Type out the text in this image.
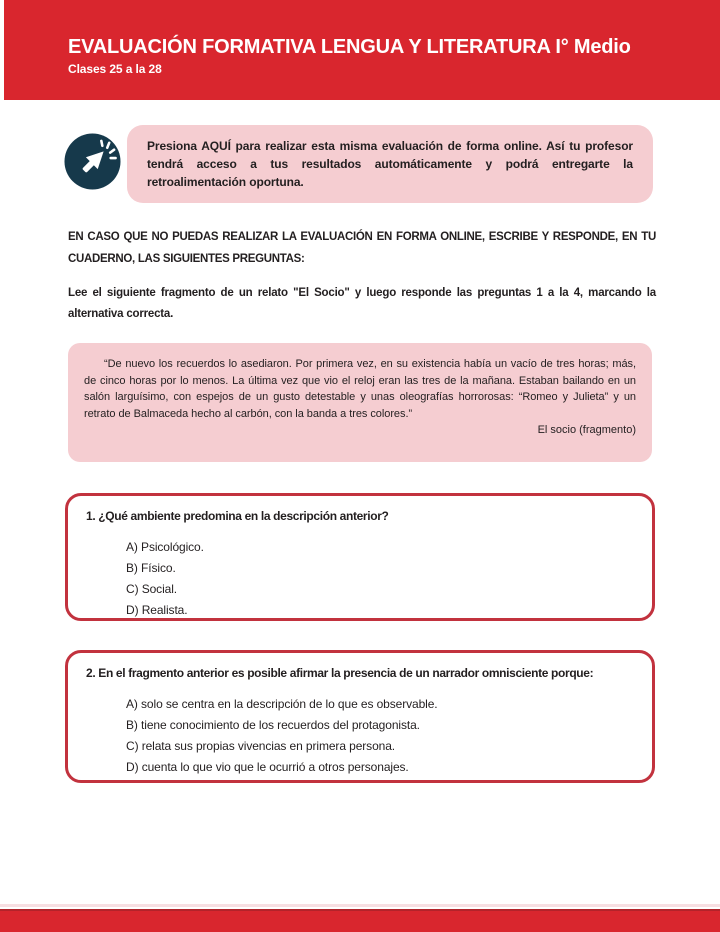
EVALUACIÓN FORMATIVA LENGUA Y LITERATURA I° Medio

Clases 25 a la 28

Presiona AQUÍ para realizar esta misma evaluación de forma online. Así tu profesor tendrá acceso a tus resultados automáticamente y podrá entregarte la retroalimentación oportuna.

EN CASO QUE NO PUEDAS REALIZAR LA EVALUACIÓN EN FORMA ONLINE, ESCRIBE Y RESPONDE, EN TU CUADERNO, LAS SIGUIENTES PREGUNTAS:

Lee el siguiente fragmento de un relato "El Socio" y luego responde las preguntas 1 a la 4, marcando la alternativa correcta.

“De nuevo los recuerdos lo asediaron. Por primera vez, en su existencia había un vacío de tres horas; más, de cinco horas por lo menos. La última vez que vio el reloj eran las tres de la mañana. Estaban bailando en un salón larguísimo, con espejos de un gusto detestable y unas oleografías horrorosas: “Romeo y Julieta” y un retrato de Balmaceda hecho al carbón, con la banda a tres colores.”

El socio (fragmento)

1. ¿Qué ambiente predomina en la descripción anterior?

A) Psicológico.
B) Físico.
C) Social.
D) Realista.

2. En el fragmento anterior es posible afirmar la presencia de un narrador omnisciente porque:

A) solo se centra en la descripción de lo que es observable.
B) tiene conocimiento de los recuerdos del protagonista.
C) relata sus propias vivencias en primera persona.
D) cuenta lo que vio que le ocurrió a otros personajes.
